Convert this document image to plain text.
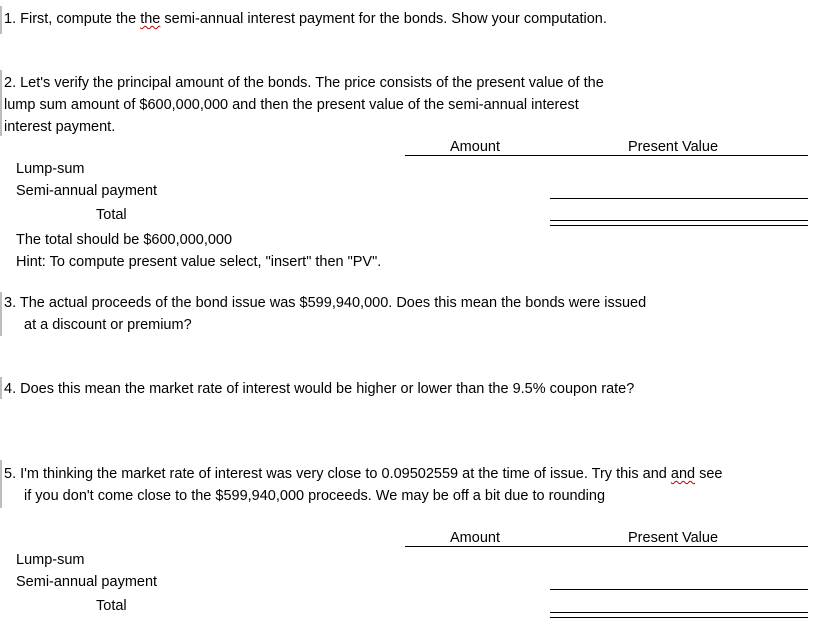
1. First, compute the the semi-annual interest payment for the bonds. Show your computation.
2. Let's verify the principal amount of the bonds. The price consists of the present value of the
lump sum amount of $600,000,000 and then the present value of the semi-annual interest
interest payment.
Amount	Present Value
Lump-sum
Semi-annual payment
Total
The total should be $600,000,000
Hint: To compute present value select, "insert" then "PV".
3. The actual proceeds of the bond issue was $599,940,000. Does this mean the bonds were issued
at a discount or premium?
4. Does this mean the market rate of interest would be higher or lower than the 9.5% coupon rate?
5. I'm thinking the market rate of interest was very close to 0.09502559 at the time of issue. Try this and and see
if you don't come close to the $599,940,000 proceeds. We may be off a bit due to rounding
Amount	Present Value
Lump-sum
Semi-annual payment
Total
